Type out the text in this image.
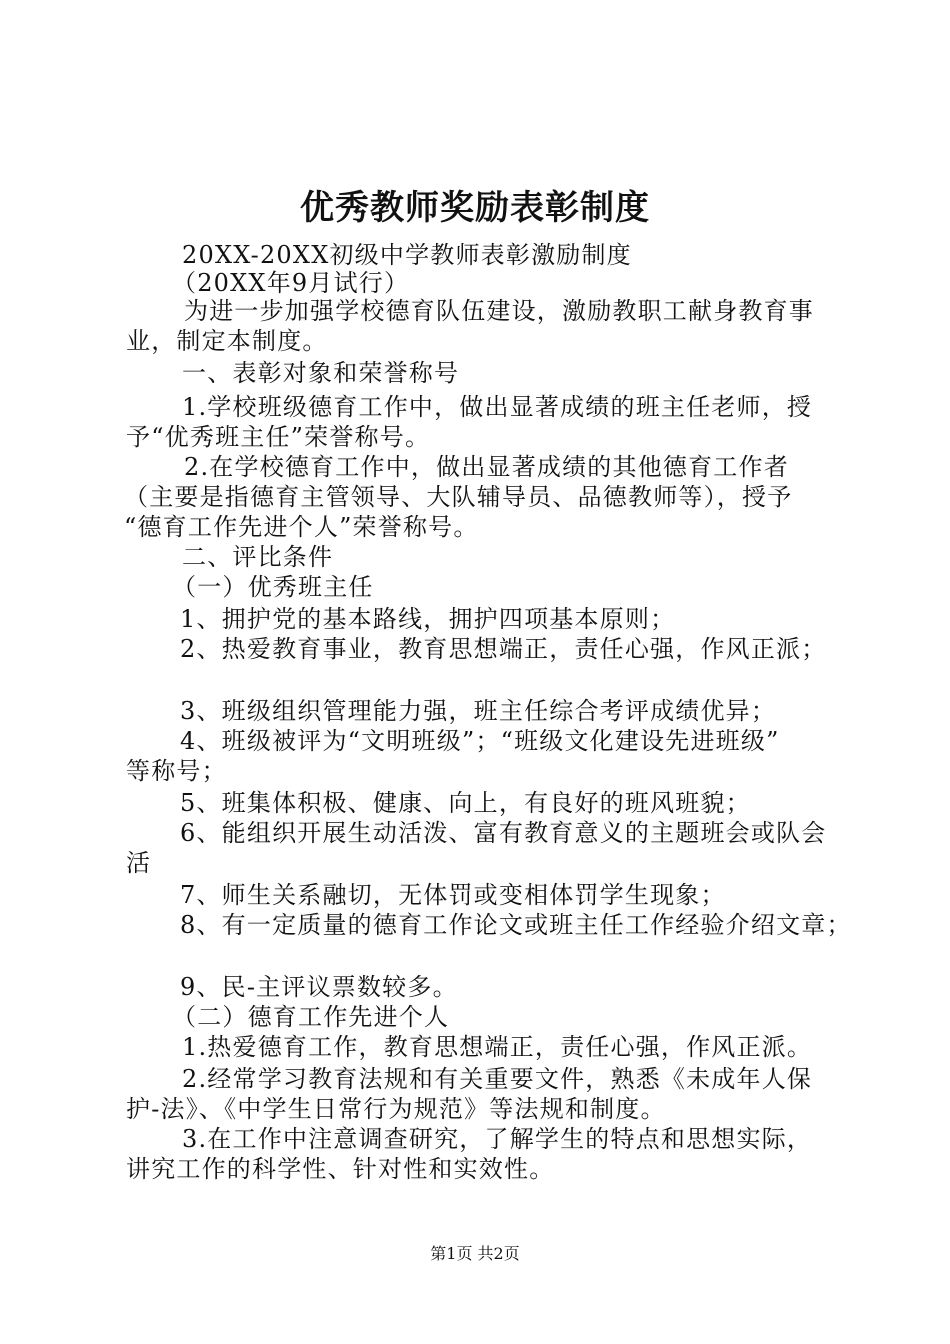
优秀教师奖励表彰制度
20XX-20XX初级中学教师表彰激励制度
（20XX年9月试行）
为进一步加强学校德育队伍建设，激励教职工献身教育事
业，制定本制度。
一、表彰对象和荣誉称号
1.学校班级德育工作中，做出显著成绩的班主任老师，授
予“优秀班主任”荣誉称号。
2.在学校德育工作中，做出显著成绩的其他德育工作者
（主要是指德育主管领导、大队辅导员、品德教师等），授予
“德育工作先进个人”荣誉称号。
二、评比条件
（一）优秀班主任
1、拥护党的基本路线，拥护四项基本原则；
2、热爱教育事业，教育思想端正，责任心强，作风正派；
3、班级组织管理能力强，班主任综合考评成绩优异；
4、班级被评为“文明班级”；“班级文化建设先进班级”
等称号；
5、班集体积极、健康、向上，有良好的班风班貌；
6、能组织开展生动活泼、富有教育意义的主题班会或队会
活
7、师生关系融切，无体罚或变相体罚学生现象；
8、有一定质量的德育工作论文或班主任工作经验介绍文章；
9、民-主评议票数较多。
（二）德育工作先进个人
1.热爱德育工作，教育思想端正，责任心强，作风正派。
2.经常学习教育法规和有关重要文件，熟悉《未成年人保
护-法》、《中学生日常行为规范》等法规和制度。
3.在工作中注意调查研究，了解学生的特点和思想实际，
讲究工作的科学性、针对性和实效性。
第1页 共2页
